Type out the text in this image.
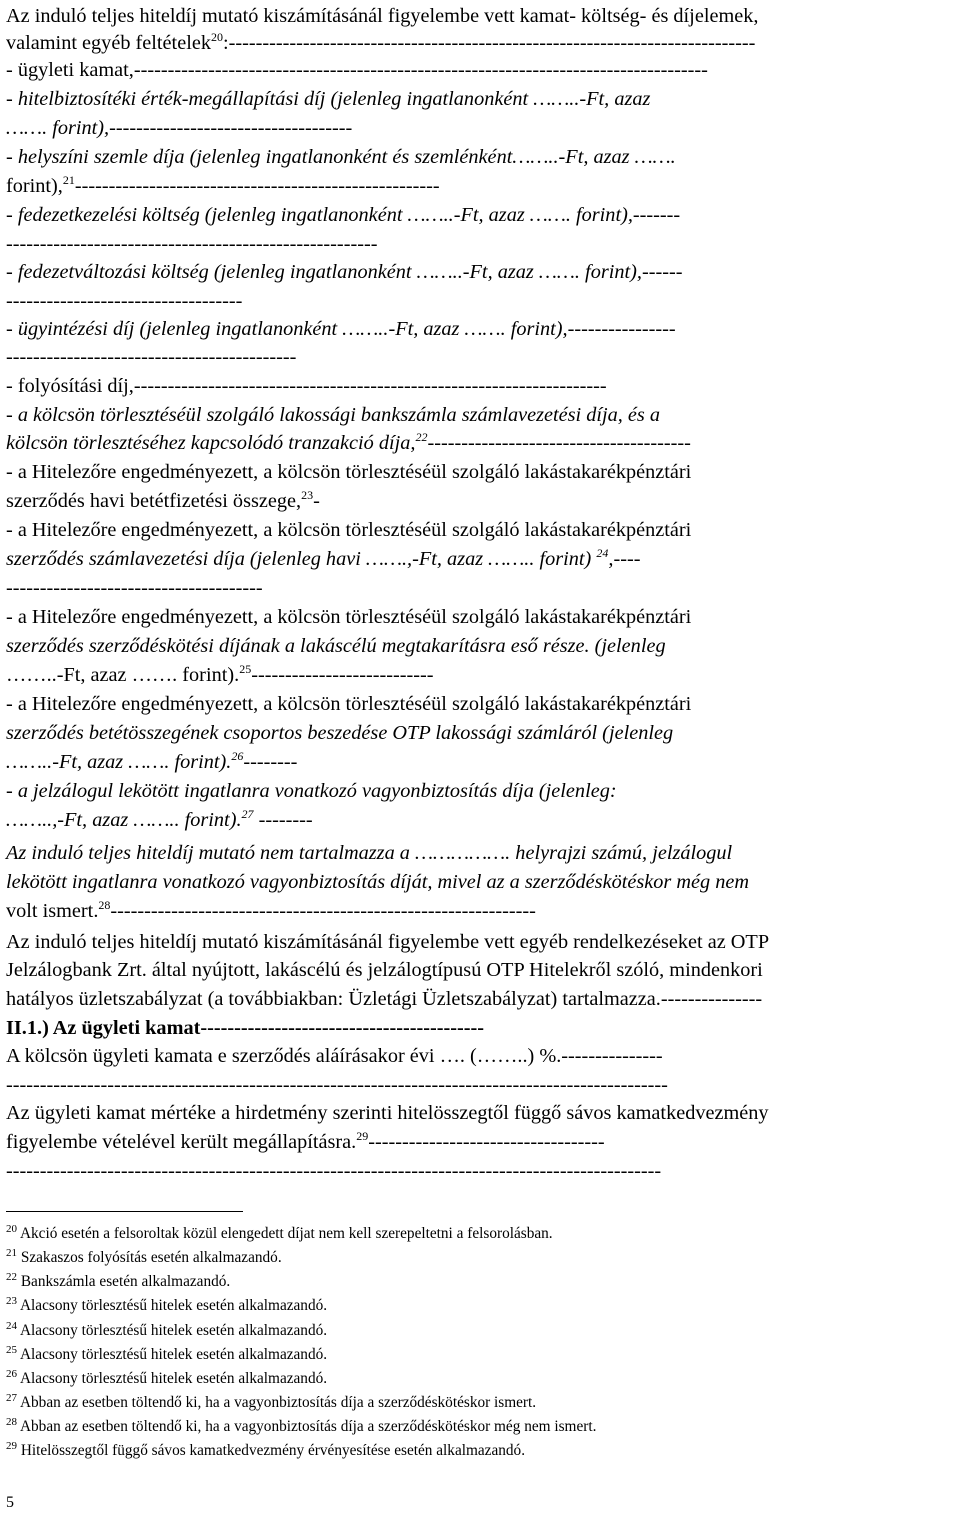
Az induló teljes hiteldíj mutató kiszámításánál figyelembe vett kamat- költség- és díjelemek,
valamint egyéb feltételek$^{20}$:------------------------------------------------------------------------------
- ügyleti kamat,-------------------------------------------------------------------------------------
- hitelbiztosítéki érték-megállapítási díj (jelenleg ingatlanonként ……..-Ft, azaz
……. forint),------------------------------------
- helyszíni szemle díja (jelenleg ingatlanonként és szemlénként……..-Ft, azaz …….
forint),$^{21}$------------------------------------------------------
- fedezetkezelési költség (jelenleg ingatlanonként ……..-Ft, azaz ……. forint),-------
-------------------------------------------------------
- fedezetváltozási költség (jelenleg ingatlanonként ……..-Ft, azaz ……. forint),------
-----------------------------------
- ügyintézési díj (jelenleg ingatlanonként ……..-Ft, azaz ……. forint),----------------
-------------------------------------------
- folyósítási díj,----------------------------------------------------------------------
- a kölcsön törlesztéséül szolgáló lakossági bankszámla számlavezetési díja, és a
kölcsön törlesztéséhez kapcsolódó tranzakció díja,$^{22}$---------------------------------------
- a Hitelezőre engedményezett, a kölcsön törlesztéséül szolgáló lakástakarékpénztári
szerződés havi betétfizetési összege,$^{23}$-
- a Hitelezőre engedményezett, a kölcsön törlesztéséül szolgáló lakástakarékpénztári
szerződés számlavezetési díja (jelenleg havi …….,-Ft, azaz …….. forint) $^{24}$,----
--------------------------------------
- a Hitelezőre engedményezett, a kölcsön törlesztéséül szolgáló lakástakarékpénztári
szerződés szerződéskötési díjának a lakáscélú megtakarításra eső része. (jelenleg
……..-Ft, azaz ……. forint).$^{25}$---------------------------
- a Hitelezőre engedményezett, a kölcsön törlesztéséül szolgáló lakástakarékpénztári
szerződés betétösszegének csoportos beszedése OTP lakossági számláról (jelenleg
……..-Ft, azaz ……. forint).$^{26}$--------
- a jelzálogul lekötött ingatlanra vonatkozó vagyonbiztosítás díja (jelenleg:
……..,-Ft, azaz …….. forint).$^{27}$ --------
Az induló teljes hiteldíj mutató nem tartalmazza a ……………. helyrajzi számú, jelzálogul
lekötött ingatlanra vonatkozó vagyonbiztosítás díját, mivel az a szerződéskötéskor még nem
volt ismert.$^{28}$---------------------------------------------------------------
Az induló teljes hiteldíj mutató kiszámításánál figyelembe vett egyéb rendelkezéseket az OTP
Jelzálogbank Zrt. által nyújtott, lakáscélú és jelzálogtípusú OTP Hitelekről szóló, mindenkori
hatályos üzletszabályzat (a továbbiakban: Üzletági Üzletszabályzat) tartalmazza.---------------
II.1.) Az ügyleti kamat------------------------------------------
A kölcsön ügyleti kamata e szerződés aláírásakor évi …. (……..) %.---------------
--------------------------------------------------------------------------------------------------
Az ügyleti kamat mértéke a hirdetmény szerinti hitelösszegtől függő sávos kamatkedvezmény
figyelembe vételével került megállapításra.$^{29}$-----------------------------------
-------------------------------------------------------------------------------------------------
$^{20}$ Akció esetén a felsoroltak közül elengedett díjat nem kell szerepeltetni a felsorolásban.
$^{21}$ Szakaszos folyósítás esetén alkalmazandó.
$^{22}$ Bankszámla esetén alkalmazandó.
$^{23}$ Alacsony törlesztésű hitelek esetén alkalmazandó.
$^{24}$ Alacsony törlesztésű hitelek esetén alkalmazandó.
$^{25}$ Alacsony törlesztésű hitelek esetén alkalmazandó.
$^{26}$ Alacsony törlesztésű hitelek esetén alkalmazandó.
$^{27}$ Abban az esetben töltendő ki, ha a vagyonbiztosítás díja a szerződéskötéskor ismert.
$^{28}$ Abban az esetben töltendő ki, ha a vagyonbiztosítás díja a szerződéskötéskor még nem ismert.
$^{29}$ Hitelösszegtől függő sávos kamatkedvezmény érvényesítése esetén alkalmazandó.
5
